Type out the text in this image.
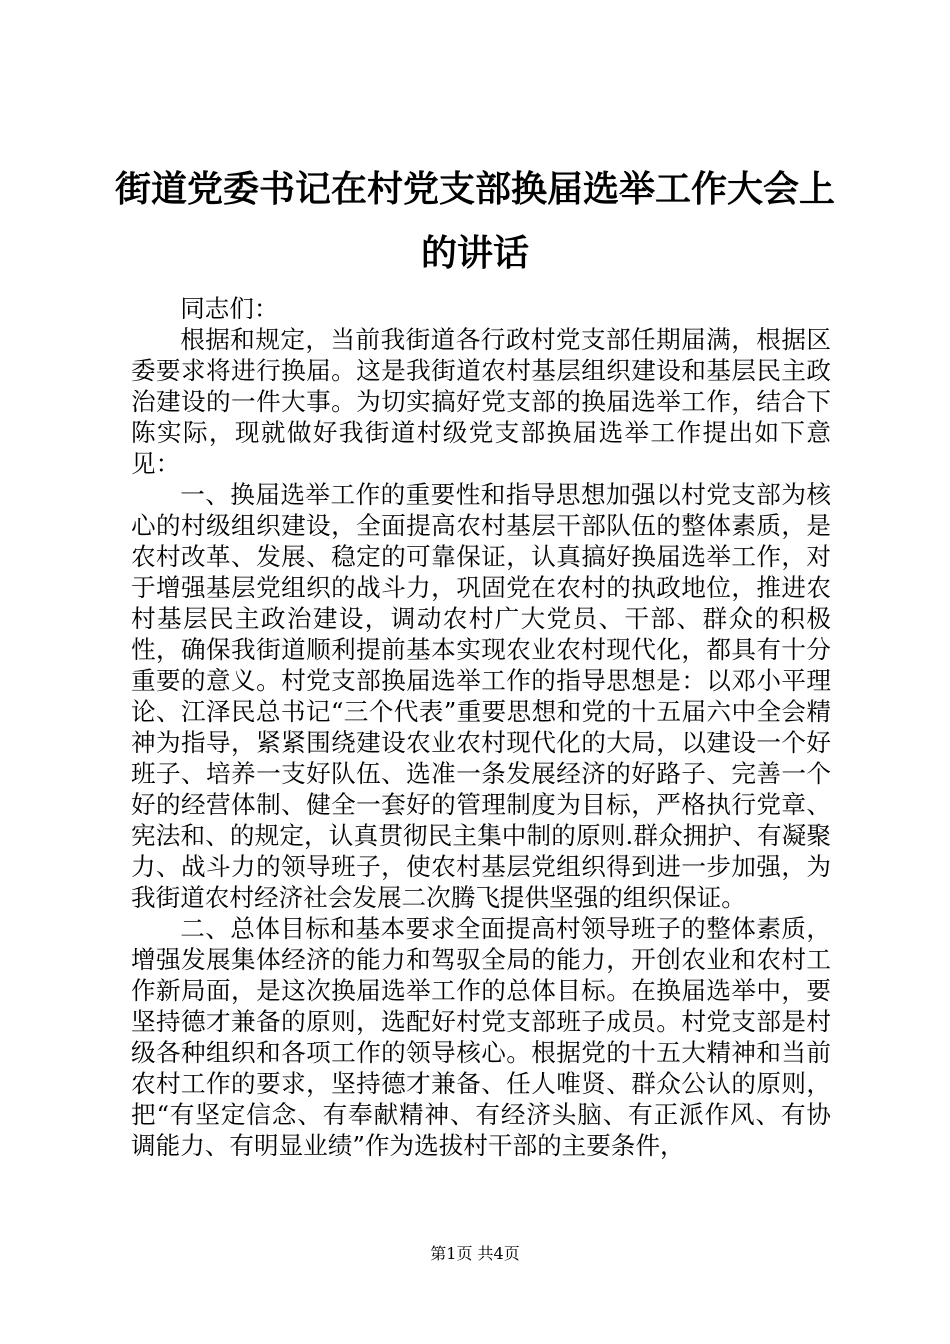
街道党委书记在村党支部换届选举工作大会上的讲话

同志们：

根据和规定，当前我街道各行政村党支部任期届满，根据区委要求将进行换届。这是我街道农村基层组织建设和基层民主政治建设的一件大事。为切实搞好党支部的换届选举工作，结合下陈实际，现就做好我街道村级党支部换届选举工作提出如下意见：

一、换届选举工作的重要性和指导思想加强以村党支部为核心的村级组织建设，全面提高农村基层干部队伍的整体素质，是农村改革、发展、稳定的可靠保证，认真搞好换届选举工作，对于增强基层党组织的战斗力，巩固党在农村的执政地位，推进农村基层民主政治建设，调动农村广大党员、干部、群众的积极性，确保我街道顺利提前基本实现农业农村现代化，都具有十分重要的意义。村党支部换届选举工作的指导思想是：以邓小平理论、江泽民总书记“三个代表”重要思想和党的十五届六中全会精神为指导，紧紧围绕建设农业农村现代化的大局，以建设一个好班子、培养一支好队伍、选准一条发展经济的好路子、完善一个好的经营体制、健全一套好的管理制度为目标，严格执行党章、宪法和、的规定，认真贯彻民主集中制的原则.群众拥护、有凝聚力、战斗力的领导班子，使农村基层党组织得到进一步加强，为我街道农村经济社会发展二次腾飞提供坚强的组织保证。

二、总体目标和基本要求全面提高村领导班子的整体素质，增强发展集体经济的能力和驾驭全局的能力，开创农业和农村工作新局面，是这次换届选举工作的总体目标。在换届选举中，要坚持德才兼备的原则，选配好村党支部班子成员。村党支部是村级各种组织和各项工作的领导核心。根据党的十五大精神和当前农村工作的要求，坚持德才兼备、任人唯贤、群众公认的原则，把“有坚定信念、有奉献精神、有经济头脑、有正派作风、有协调能力、有明显业绩”作为选拔村干部的主要条件，

第1页 共4页
